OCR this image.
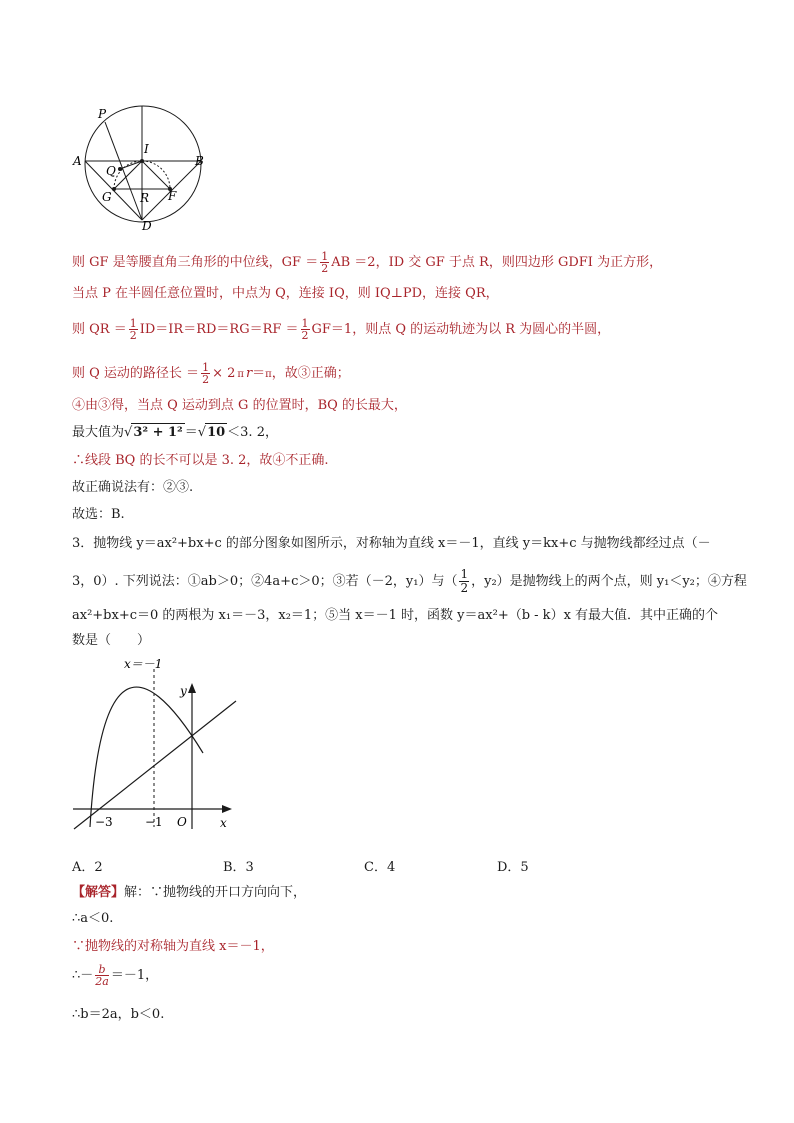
P
I
A	B
Q
G R F
D
则 GF 是等腰直角三角形的中位线，GF ＝ $\frac{1}{2}$ AB ＝2，ID 交 GF 于点 R，则四边形 GDFI 为正方形，
当点 P 在半圆任意位置时，中点为 Q，连接 IQ，则 IQ⊥PD，连接 QR，
则 QR ＝ $\frac{1}{2} ID=IR=RD=RG=RF = \frac{1}{2} GF=1$，则点 Q 的运动轨迹为以 R 为圆心的半圆，
则 Q 运动的路径长 ＝ $\frac{1}{2} \times 2$ π r＝π，故③正确；
④由③得，当点 Q 运动到点 G 的位置时，BQ 的长最大，
最大值为√3² + 1² ＝√10 ＜3. 2，
∴线段 BQ 的长不可以是 3. 2，故④不正确.
故正确说法有：②③.
故选：B.
3．抛物线 y＝ax²+bx+c 的部分图象如图所示，对称轴为直线 x＝－1，直线 y＝kx+c 与抛物线都经过点（－
3，0）. 下列说法：①ab＞0；②4a+c＞0；③若（－2，y₁）与（ $\frac{1}{2}$ ，y₂）是抛物线上的两个点，则 y₁＜y₂；④方程
ax²+bx+c＝0 的两根为 x₁＝－3，x₂＝1；⑤当 x＝－1 时，函数 y＝ax²+（b - k）x 有最大值．其中正确的个
数是（　　）
x＝－1
y
x
−3	−1 O
A．2	B．3	C．4	D．5
【解答】解：∵抛物线的开口方向向下，
∴a＜0.
∵抛物线的对称轴为直线 x＝－1，
∴－ $\frac{b}{2a} =-1$，
∴b＝2a，b＜0.
